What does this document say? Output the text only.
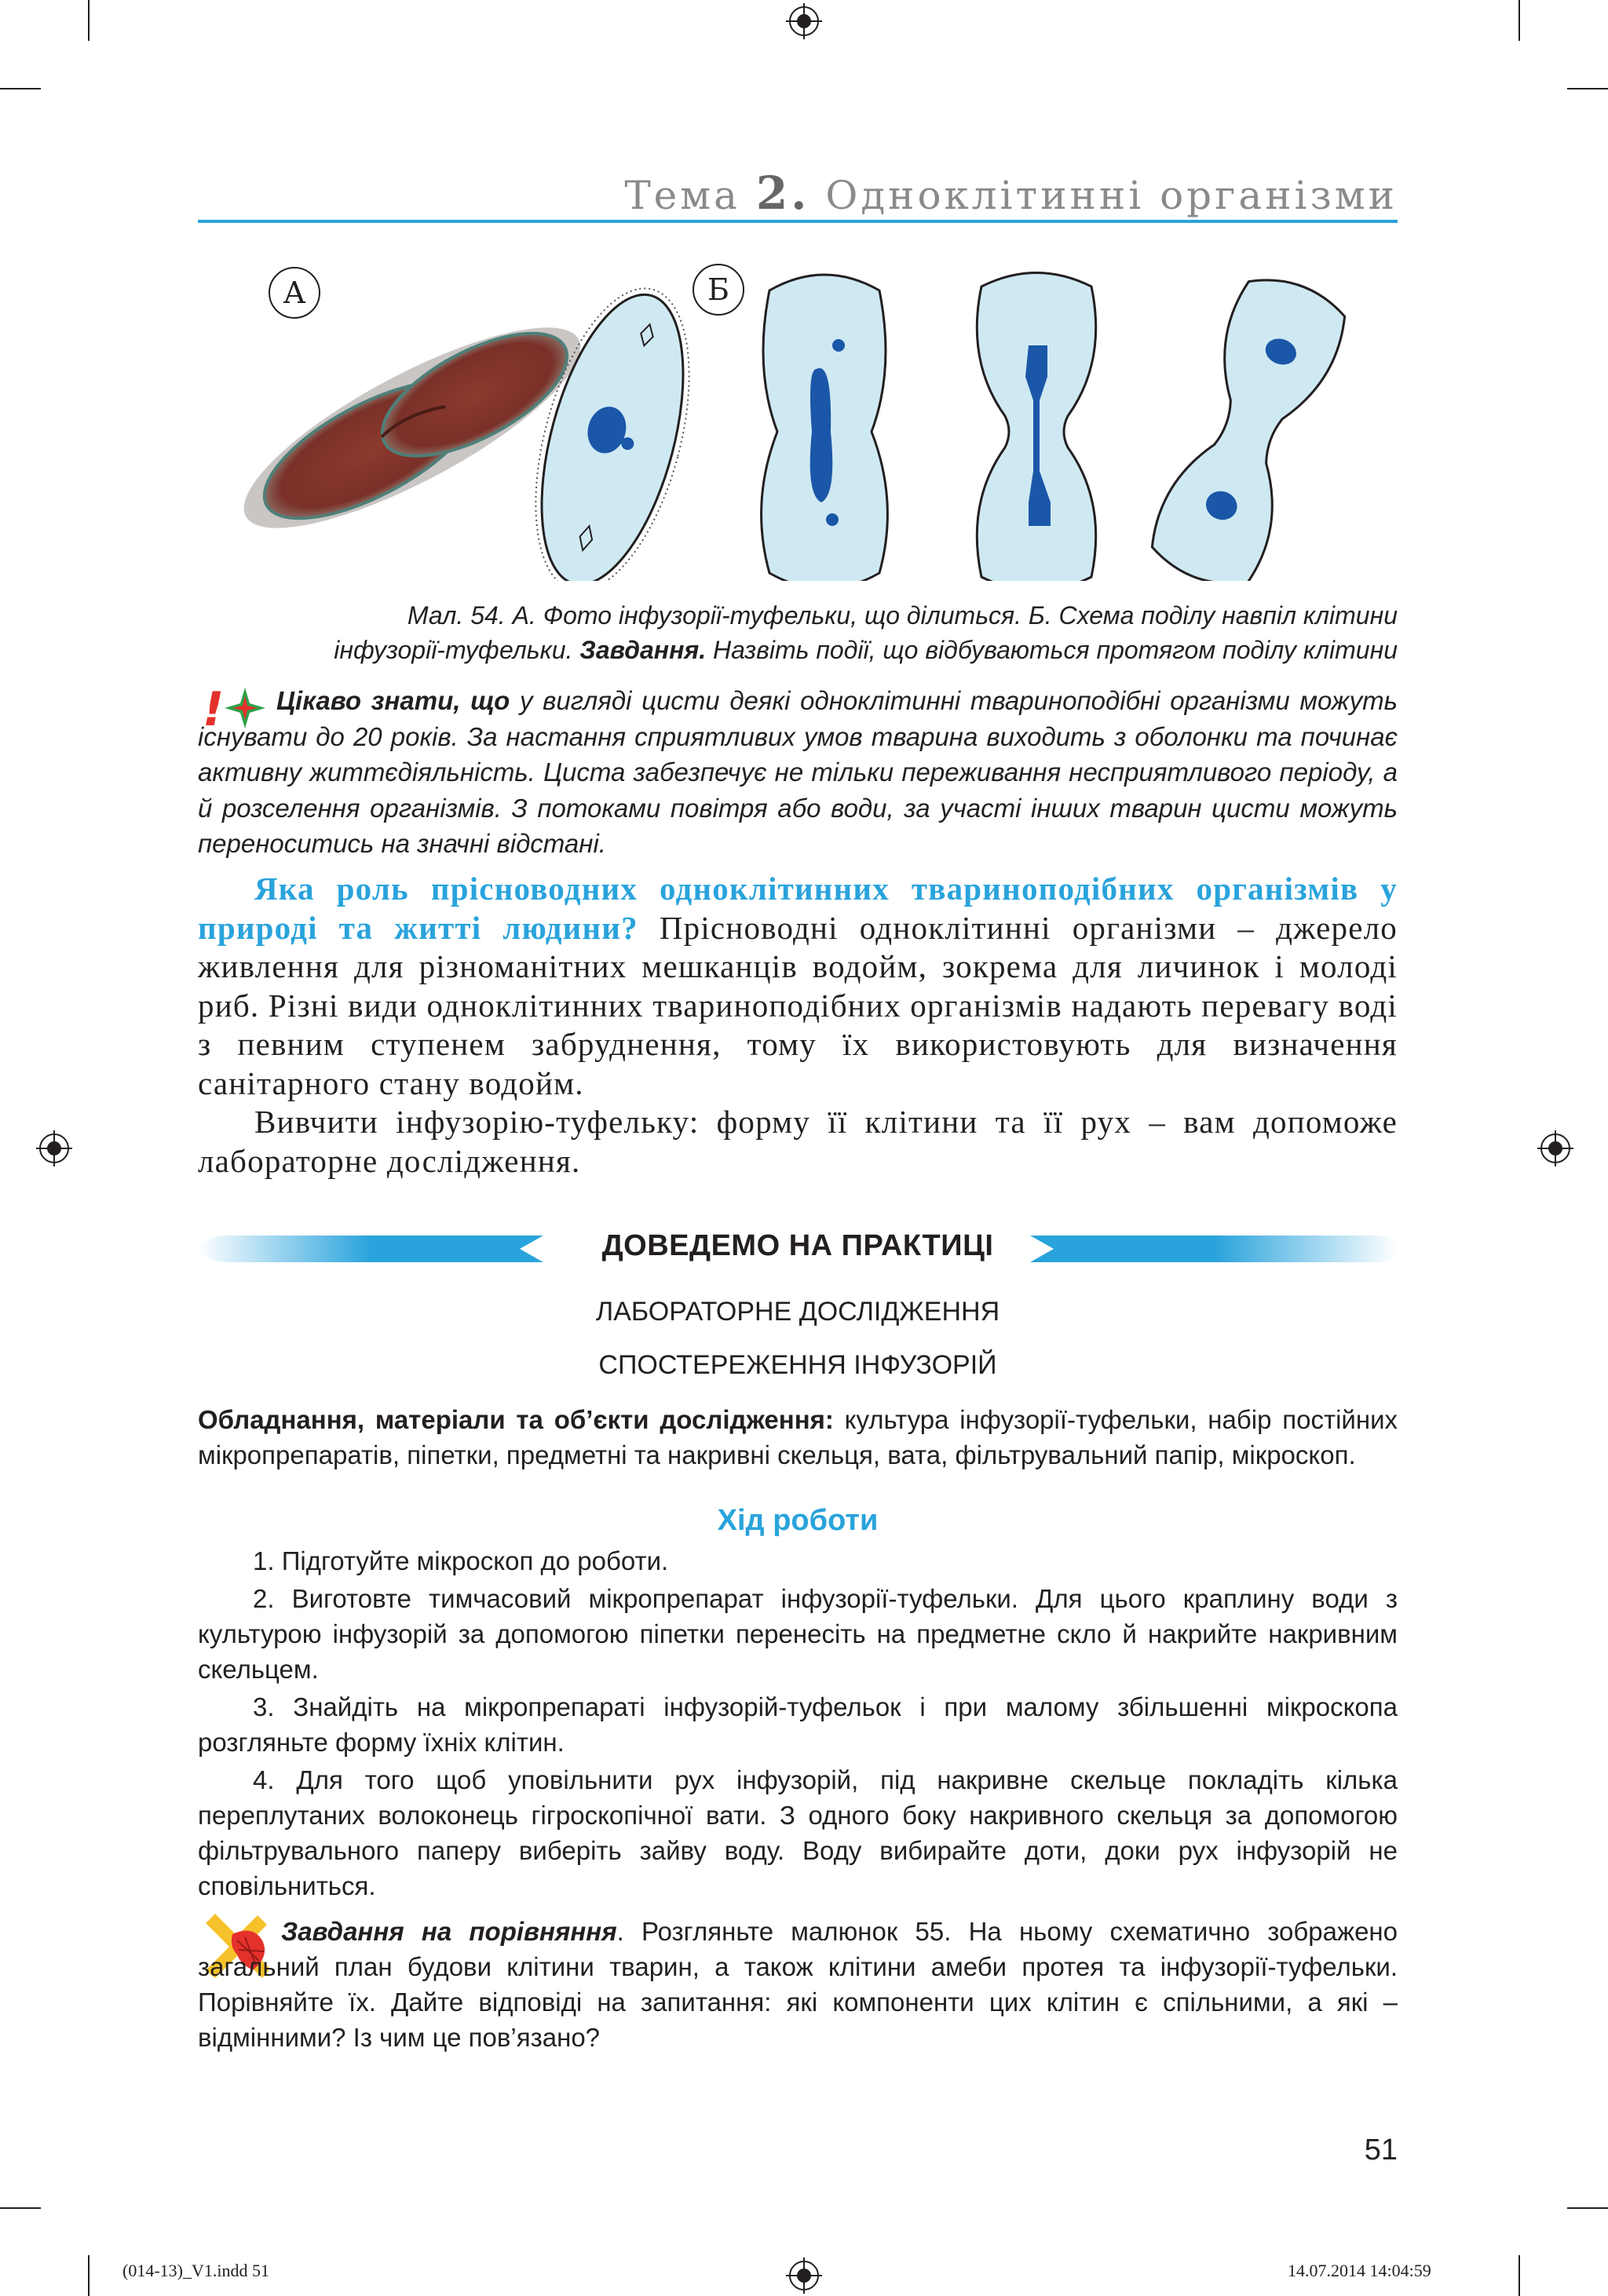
Тема 2. Одноклітинні організми
А	Б
Мал. 54. А. Фото інфузорії-туфельки, що ділиться. Б. Схема поділу навпіл клітини
інфузорії-туфельки. Завдання. Назвіть події, що відбуваються протягом поділу клітини
!	Цікаво знати, що у вигляді цисти деякі одноклітинні твариноподібні організми можуть існувати до 20 років. За настання сприятливих умов тварина виходить з оболонки та починає активну життєдіяльність. Циста забезпечує не тільки переживання несприятливого періоду, а й розселення організмів. З потоками повітря або води, за участі інших тварин цисти можуть переноситись на значні відстані.

Яка роль прісноводних одноклітинних твариноподібних організмів у природі та житті людини? Прісноводні одноклітинні організми – джерело живлення для різноманітних мешканців водойм, зокрема для личинок і молоді риб. Різні види одноклітинних твариноподібних організмів надають перевагу воді з певним ступенем забруднення, тому їх використовують для визначення санітарного стану водойм.

Вивчити інфузорію-туфельку: форму її клітини та її рух – вам допоможе лабораторне дослідження.

ДОВЕДЕМО НА ПРАКТИЦІ
ЛАБОРАТОРНЕ ДОСЛІДЖЕННЯ
СПОСТЕРЕЖЕННЯ ІНФУЗОРІЙ
Обладнання, матеріали та об’єкти дослідження: культура інфузорії-туфельки, набір постійних мікропрепаратів, піпетки, предметні та накривні скельця, вата, фільтрувальний папір, мікроскоп.
Хід роботи

1. Підготуйте мікроскоп до роботи.

2. Виготовте тимчасовий мікропрепарат інфузорії-туфельки. Для цього краплину води з культурою інфузорій за допомогою піпетки перенесіть на предметне скло й накрийте накривним скельцем.

3. Знайдіть на мікропрепараті інфузорій-туфельок і при малому збільшенні мікроскопа розгляньте форму їхніх клітин.

4. Для того щоб уповільнити рух інфузорій, під накривне скельце покладіть кілька переплутаних волоконець гігроскопічної вати. З одного боку накривного скельця за допомогою фільтрувального паперу виберіть зайву воду. Воду вибирайте доти, доки рух інфузорій не сповільниться.

Завдання на порівняння. Розгляньте малюнок 55. На ньому схематично зображено загальний план будови клітини тварин, а також клітини амеби протея та інфузорії-туфельки. Порівняйте їх. Дайте відповіді на запитання: які компоненти цих клітин є спільними, а які – відмінними? Із чим це пов’язано?
51
(014-13)_V1.indd 51	14.07.2014 14:04:59
